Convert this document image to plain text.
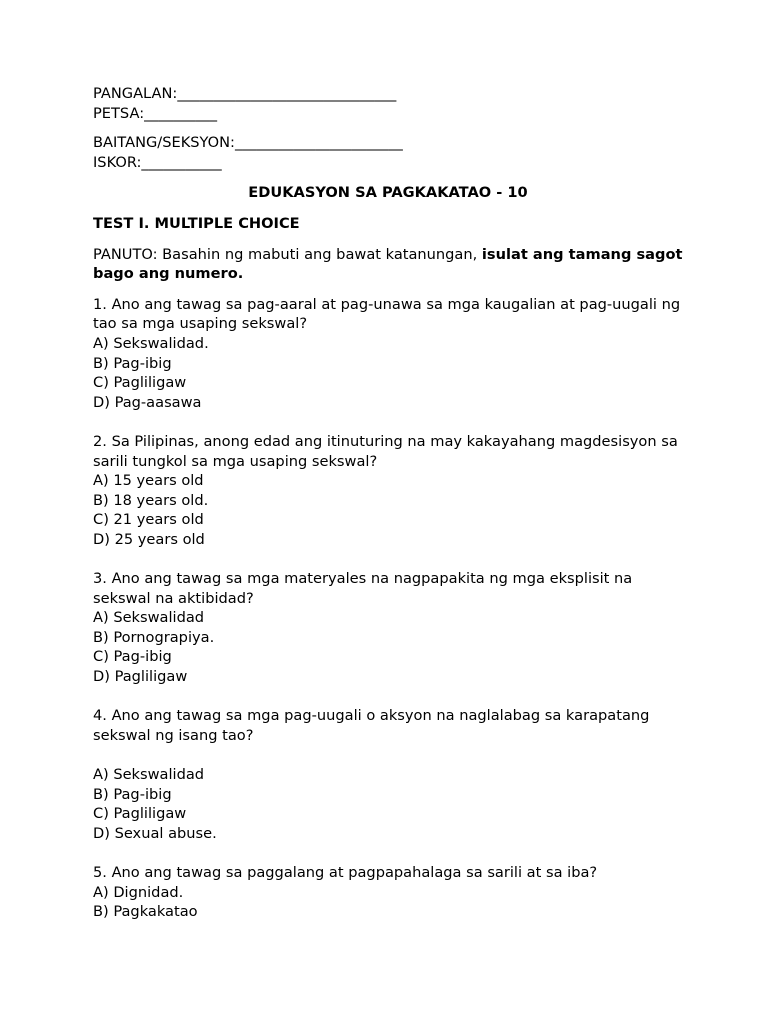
PANGALAN:______________________________
PETSA:__________
BAITANG/SEKSYON:_______________________
ISKOR:___________
EDUKASYON SA PAGKAKATAO - 10
TEST I. MULTIPLE CHOICE
PANUTO: Basahin ng mabuti ang bawat katanungan, isulat ang tamang sagot bago ang numero.
1. Ano ang tawag sa pag-aaral at pag-unawa sa mga kaugalian at pag-uugali ng tao sa mga usaping sekswal?
A) Sekswalidad.
B) Pag-ibig
C) Pagliligaw
D) Pag-aasawa
2. Sa Pilipinas, anong edad ang itinuturing na may kakayahang magdesisyon sa sarili tungkol sa mga usaping sekswal?
A) 15 years old
B) 18 years old.
C) 21 years old
D) 25 years old
3. Ano ang tawag sa mga materyales na nagpapakita ng mga eksplisit na sekswal na aktibidad?
A) Sekswalidad
B) Pornograpiya.
C) Pag-ibig
D) Pagliligaw
4. Ano ang tawag sa mga pag-uugali o aksyon na naglalabag sa karapatang sekswal ng isang tao?
A) Sekswalidad
B) Pag-ibig
C) Pagliligaw
D) Sexual abuse.
5. Ano ang tawag sa paggalang at pagpapahalaga sa sarili at sa iba?
A) Dignidad.
B) Pagkakatao
